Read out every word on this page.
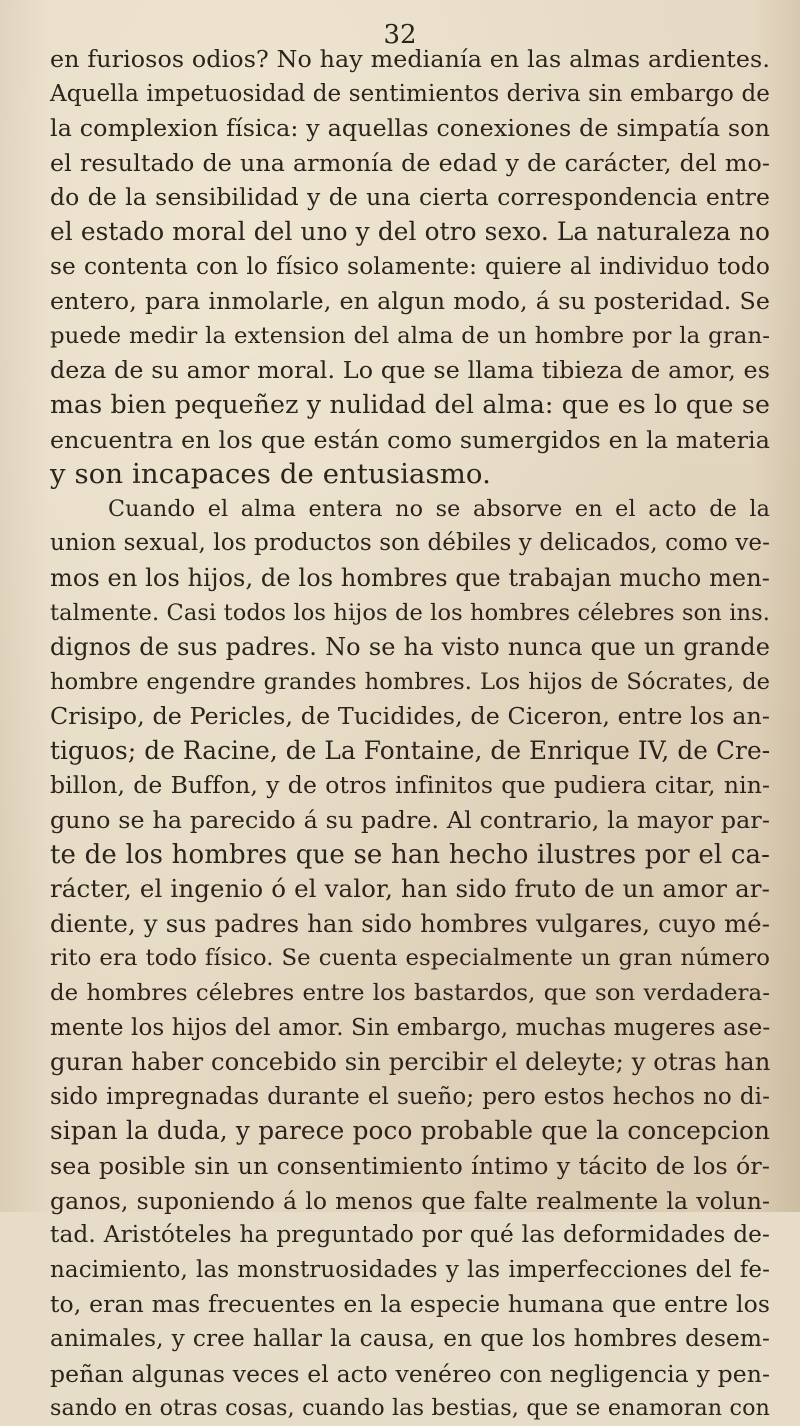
32
en furiosos odios? No hay medianía en las almas ardientes.
Aquella impetuosidad de sentimientos deriva sin embargo de
la complexion física: y aquellas conexiones de simpatía son
el resultado de una armonía de edad y de carácter, del mo-
do de la sensibilidad y de una cierta correspondencia entre
el estado moral del uno y del otro sexo. La naturaleza no
se contenta con lo físico solamente: quiere al individuo todo
entero, para inmolarle, en algun modo, á su posteridad. Se
puede medir la extension del alma de un hombre por la gran-
deza de su amor moral. Lo que se llama tibieza de amor, es
mas bien pequeñez y nulidad del alma: que es lo que se
encuentra en los que están como sumergidos en la materia
y son incapaces de entusiasmo.
Cuando el alma entera no se absorve en el acto de la
union sexual, los productos son débiles y delicados, como ve-
mos en los hijos, de los hombres que trabajan mucho men-
talmente. Casi todos los hijos de los hombres célebres son ins.
dignos de sus padres. No se ha visto nunca que un grande
hombre engendre grandes hombres. Los hijos de Sócrates, de
Crisipo, de Pericles, de Tucidides, de Ciceron, entre los an-
tiguos; de Racine, de La Fontaine, de Enrique IV, de Cre-
billon, de Buffon, y de otros infinitos que pudiera citar, nin-
guno se ha parecido á su padre. Al contrario, la mayor par-
te de los hombres que se han hecho ilustres por el ca-
rácter, el ingenio ó el valor, han sido fruto de un amor ar-
diente, y sus padres han sido hombres vulgares, cuyo mé-
rito era todo físico. Se cuenta especialmente un gran número
de hombres célebres entre los bastardos, que son verdadera-
mente los hijos del amor. Sin embargo, muchas mugeres ase-
guran haber concebido sin percibir el deleyte; y otras han
sido impregnadas durante el sueño; pero estos hechos no di-
sipan la duda, y parece poco probable que la concepcion
sea posible sin un consentimiento íntimo y tácito de los ór-
ganos, suponiendo á lo menos que falte realmente la volun-
tad. Aristóteles ha preguntado por qué las deformidades de-
nacimiento, las monstruosidades y las imperfecciones del fe-
to, eran mas frecuentes en la especie humana que entre los
animales, y cree hallar la causa, en que los hombres desem-
peñan algunas veces el acto venéreo con negligencia y pen-
sando en otras cosas, cuando las bestias, que se enamoran con
